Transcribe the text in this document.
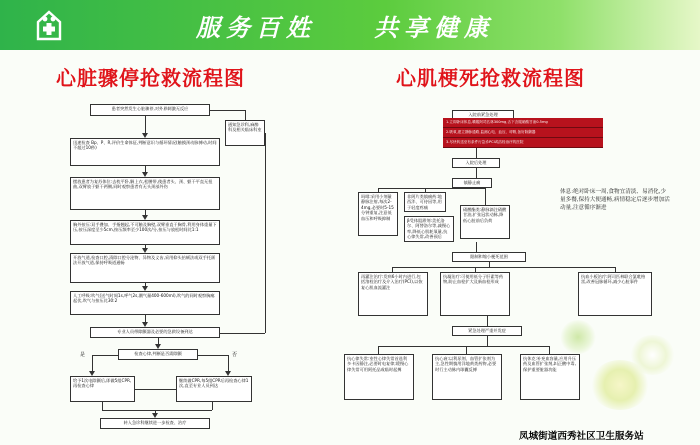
服务百姓 共享健康
心脏骤停抢救流程图
患者突然发生心脏骤停,对外界刺激无反应
通知急诊科,麻醉科及相关临床科室
迅速检查 Bp、P、R,评价生命体征,判断意识与循环情况(触摸颈动脉搏动,时间不超过10秒)
摆放患者为复苏体位:去枕平卧,解上衣,松腰带,使患者头、颈、躯干平直无扭曲,双臂放于躯干两侧,同时观察患者有无头颈部外伤
胸外按压:双手叠加、手指翘起,不可触及胸壁,双臂垂直于胸骨,利用身体重量下压,按压深度至少5cm,按压频率至少100次/分,按压与放松时间比1:1
开放气道,检查口腔,清除口腔分泌物、异物及义齿,采用仰头抬颏法或双手托颌法开放气道,保持呼吸道通畅
人工呼吸:吹气(送气时间1s,呼气2s,潮气量400-600ml),吹气的同时观察胸廓起伏,吹气与按压比30:2
专业人员带除颤器及必要的急救设备到达
检查心律,判断是否需除颤
是	否
给予1次电除颤后,即做5组CPR,再检查心律
继续做CPR,每5组CPR后再检查心律1次,直至专业人员到达
转入急诊科继续进一步检查、治疗
心肌梗死抢救流程图
入院前紧急处理
1.立即卧床休息,嚼服阿司匹林300mg,舌下含服硝酸甘油0.5mg
2.吸氧,建立静脉通路,监测心电、血压、呼吸,备好除颤器
3.尽快转送至有条件行急诊PCI或溶栓治疗的医院
入院后处理
镇静止痛
吗啡:采用小剂量静脉注射,每次2-4mg,必要时5-15分钟重复,注意低血压和呼吸抑制
非阿片类镇痛药:地西泮、可待因等,用于轻度疼痛
β受体阻滞剂:美托洛尔、阿替洛尔等,减慢心率,降低心肌耗氧量,抗心律失常,改善预后
硝酸酯类:静脉滴注硝酸甘油,扩张冠状动脉,降低心脏前后负荷
体息:绝对卧床一周,食物宜清淡、易消化,少量多餐,保持大便通畅,病情稳定后逐步增加活动量,注意循序渐进
限制和缩小梗死范围
再灌注治疗:发病6小时内进行,包括溶栓治疗及介入治疗(PCI),以恢复心肌血流灌注
抗凝治疗:可使用低分子肝素等药物,防止血栓扩大及新血栓形成
抗血小板治疗:阿司匹林联合氯吡格雷,改善冠脉循环,减少心脏事件
紧急处理严重并发症
抗心律失常:室性心律失常首选利多卡因静注,必要时电复律;缓慢心律失常可用阿托品或临时起搏
抗心衰:以利尿剂、血管扩张剂为主,急性期慎用洋地黄类药物,必要时行主动脉内球囊反搏
抗休克:补充血容量,应用升压药及血管扩张剂,纠正酸中毒,保护重要脏器功能
凤城街道西秀社区卫生服务站
